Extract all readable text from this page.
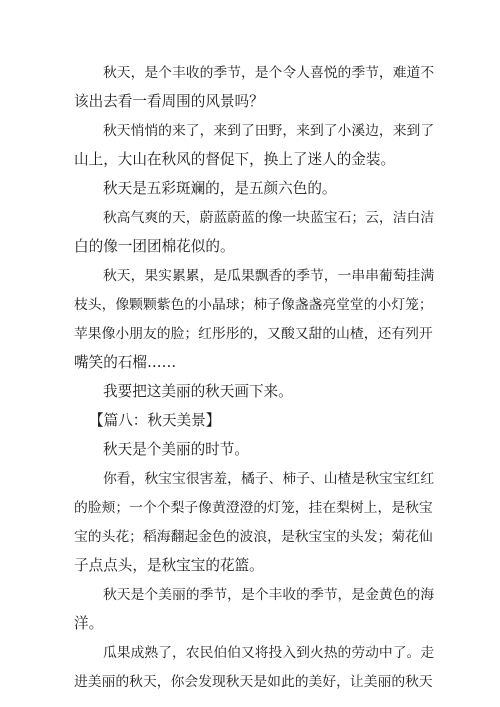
秋天，是个丰收的季节，是个令人喜悦的季节，难道不
该出去看一看周围的风景吗？
秋天悄悄的来了，来到了田野，来到了小溪边，来到了
山上，大山在秋风的督促下，换上了迷人的金装。
秋天是五彩斑斓的，是五颜六色的。
秋高气爽的天，蔚蓝蔚蓝的像一块蓝宝石；云，洁白洁
白的像一团团棉花似的。
秋天，果实累累，是瓜果飘香的季节，一串串葡萄挂满
枝头，像颗颗紫色的小晶球；柿子像盏盏亮堂堂的小灯笼；
苹果像小朋友的脸；红彤彤的，又酸又甜的山楂，还有列开
嘴笑的石榴……
我要把这美丽的秋天画下来。
【篇八：秋天美景】
秋天是个美丽的时节。
你看，秋宝宝很害羞，橘子、柿子、山楂是秋宝宝红红
的脸颊；一个个梨子像黄澄澄的灯笼，挂在梨树上，是秋宝
宝的头花；稻海翻起金色的波浪，是秋宝宝的头发；菊花仙
子点点头，是秋宝宝的花篮。
秋天是个美丽的季节，是个丰收的季节，是金黄色的海
洋。
瓜果成熟了，农民伯伯又将投入到火热的劳动中了。走
进美丽的秋天，你会发现秋天是如此的美好，让美丽的秋天
